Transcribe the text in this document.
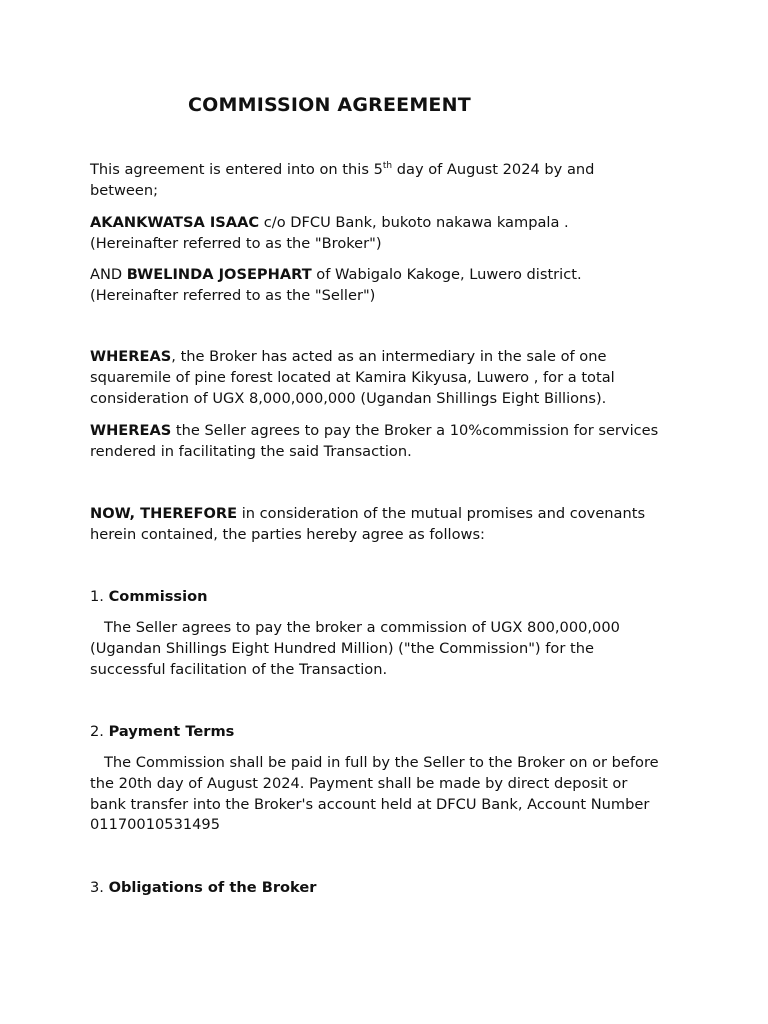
COMMISSION AGREEMENT

This agreement is entered into on this 5th day of August 2024 by and
between;

AKANKWATSA ISAAC c/o DFCU Bank, bukoto nakawa kampala .
(Hereinafter referred to as the "Broker")

AND BWELINDA JOSEPHART of Wabigalo Kakoge, Luwero district.
(Hereinafter referred to as the "Seller")

WHEREAS, the Broker has acted as an intermediary in the sale of one
squaremile of pine forest located at Kamira Kikyusa, Luwero , for a total
consideration of UGX 8,000,000,000 (Ugandan Shillings Eight Billions).

WHEREAS the Seller agrees to pay the Broker a 10%commission for services
rendered in facilitating the said Transaction.

NOW, THEREFORE in consideration of the mutual promises and covenants
herein contained, the parties hereby agree as follows:

1. Commission

The Seller agrees to pay the broker a commission of UGX 800,000,000
(Ugandan Shillings Eight Hundred Million) ("the Commission") for the
successful facilitation of the Transaction.

2. Payment Terms

The Commission shall be paid in full by the Seller to the Broker on or before
the 20th day of August 2024. Payment shall be made by direct deposit or
bank transfer into the Broker's account held at DFCU Bank, Account Number
01170010531495

3. Obligations of the Broker
